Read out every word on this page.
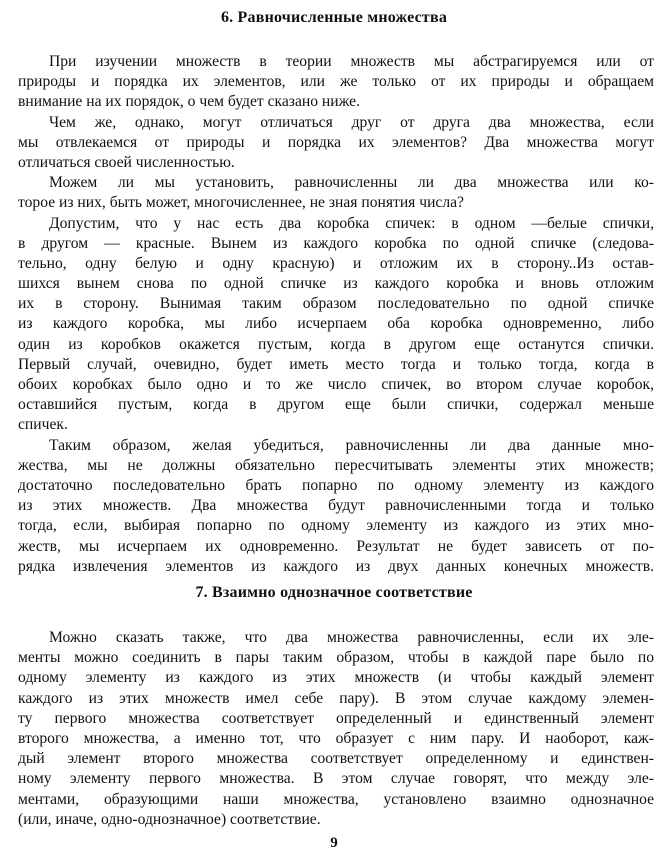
6. Равночисленные множества
При изучении множеств в теории множеств мы абстрагируемся или от
природы и порядка их элементов, или же только от их природы и обращаем
внимание на их порядок, о чем будет сказано ниже.
Чем же, однако, могут отличаться друг от друга два множества, если
мы отвлекаемся от природы и порядка их элементов? Два множества могут
отличаться своей численностью.
Можем ли мы установить, равночисленны ли два множества или ко-
торое из них, быть может, многочисленнее, не зная понятия числа?
Допустим, что у нас есть два коробка спичек: в одном —белые спички,
в другом — красные. Вынем из каждого коробка по одной спичке (следова-
тельно, одну белую и одну красную) и отложим их в сторону..Из остав-
шихся вынем снова по одной спичке из каждого коробка и вновь отложим
их в сторону. Вынимая таким образом последовательно по одной спичке
из каждого коробка, мы либо исчерпаем оба коробка одновременно, либо
один из коробков окажется пустым, когда в другом еще останутся спички.
Первый случай, очевидно, будет иметь место тогда и только тогда, когда в
обоих коробках было одно и то же число спичек, во втором случае коробок,
оставшийся пустым, когда в другом еще были спички, содержал меньше
спичек.
Таким образом, желая убедиться, равночисленны ли два данные мно-
жества, мы не должны обязательно пересчитывать элементы этих множеств;
достаточно последовательно брать попарно по одному элементу из каждого
из этих множеств. Два множества будут равночисленными тогда и только
тогда, если, выбирая попарно по одному элементу из каждого из этих мно-
жеств, мы исчерпаем их одновременно. Результат не будет зависеть от по-
рядка извлечения элементов из каждого из двух данных конечных множеств.
7. Взаимно однозначное соответствие
Можно сказать также, что два множества равночисленны, если их эле-
менты можно соединить в пары таким образом, чтобы в каждой паре было по
одному элементу из каждого из этих множеств (и чтобы каждый элемент
каждого из этих множеств имел себе пару). В этом случае каждому элемен-
ту первого множества соответствует определенный и единственный элемент
второго множества, а именно тот, что образует с ним пару. И наоборот, каж-
дый элемент второго множества соответствует определенному и единствен-
ному элементу первого множества. В этом случае говорят, что между эле-
ментами, образующими наши множества, установлено взаимно однозначное
(или, иначе, одно-однозначное) соответствие.
9
